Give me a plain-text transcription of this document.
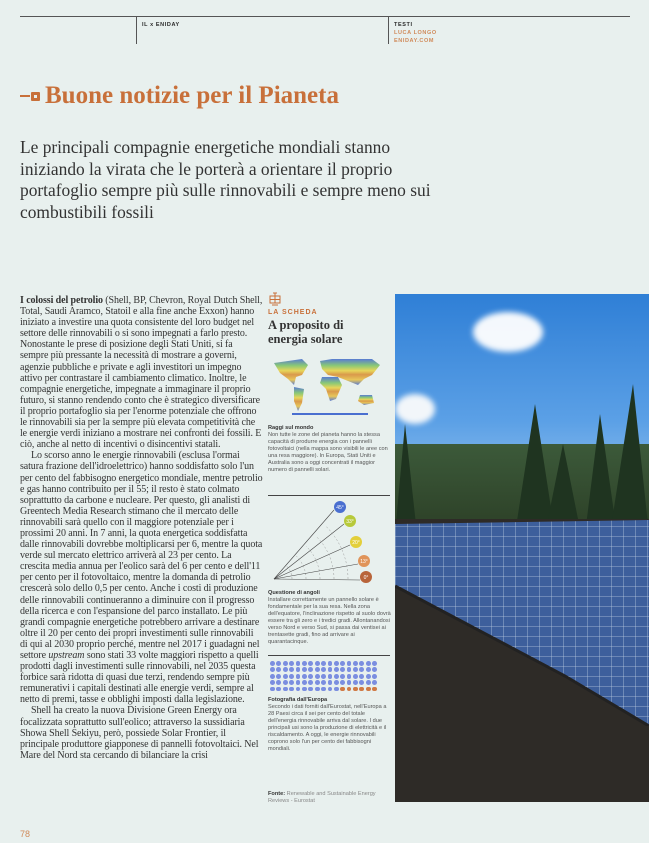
IL x ENIDAY	TESTI
LUCA LONGO
ENIDAY.COM
Buone notizie per il Pianeta
Le principali compagnie energetiche mondiali stanno iniziando la virata che le porterà a orientare il proprio portafoglio sempre più sulle rinnovabili e sempre meno sui combustibili fossili

I colossi del petrolio (Shell, BP, Chevron, Royal Dutch Shell, Total, Saudi Aramco, Statoil e alla fine anche Exxon) hanno iniziato a investire una quota consistente del loro budget nel settore delle rinnovabili o si sono impegnati a farlo presto. Nonostante le prese di posizione degli Stati Uniti, si fa sempre più pressante la necessità di mostrare a governi, agenzie pubbliche e private e agli investitori un impegno attivo per contrastare il cambiamento climatico. Inoltre, le compagnie energetiche, impegnate a immaginare il proprio futuro, si stanno rendendo conto che è strategico diversificare il proprio portafoglio sia per l'enorme potenziale che offrono le rinnovabili sia per la sempre più elevata competitività che le energie verdi iniziano a mostrare nei confronti dei fossili. E ciò, anche al netto di incentivi o disincentivi statali.

Lo scorso anno le energie rinnovabili (esclusa l'ormai satura frazione dell'idroelettrico) hanno soddisfatto solo l'un per cento del fabbisogno energetico mondiale, mentre petrolio e gas hanno contribuito per il 55; il resto è stato colmato soprattutto da carbone e nucleare. Per questo, gli analisti di Greentech Media Research stimano che il mercato delle rinnovabili sarà quello con il maggiore potenziale per i prossimi 20 anni. In 7 anni, la quota energetica soddisfatta dalle rinnovabili dovrebbe moltiplicarsi per 6, mentre la quota verde sul mercato elettrico arriverà al 23 per cento. La crescita media annua per l'eolico sarà del 6 per cento e dell'11 per cento per il fotovoltaico, mentre la domanda di petrolio crescerà solo dello 0,5 per cento. Anche i costi di produzione delle rinnovabili continueranno a diminuire con il progresso della ricerca e con l'espansione del parco installato. Le più grandi compagnie energetiche potrebbero arrivare a destinare oltre il 20 per cento dei propri investimenti sulle rinnovabili di qui al 2030 proprio perché, mentre nel 2017 i guadagni nel settore upstream sono stati 33 volte maggiori rispetto a quelli prodotti dagli investimenti sulle rinnovabili, nel 2035 questa forbice sarà ridotta di quasi due terzi, rendendo sempre più remunerativi i capitali destinati alle energie verdi, sempre al netto di premi, tasse e obblighi imposti dalla legislazione.

Shell ha creato la nuova Divisione Green Energy ora focalizzata soprattutto sull'eolico; attraverso la sussidiaria Showa Shell Sekiyu, però, possiede Solar Frontier, il principale produttore giapponese di pannelli fotovoltaici. Nel Mare del Nord sta cercando di bilanciare la crisi

LA SCHEDA
A proposito di energia solare
Raggi sul mondo
Non tutte le zone del pianeta hanno la stessa capacità di produrre energia con i pannelli fotovoltaici (nella mappa sono visibili le aree con una resa maggiore). In Europa, Stati Uniti e Australia sono a oggi concentrati il maggior numero di pannelli solari.
45°
33°
20°
13°
0°
Questione di angoli
Installare correttamente un pannello solare è fondamentale per la sua resa. Nella zona dell'equatore, l'inclinazione rispetto al suolo dovrà essere tra gli zero e i tredici gradi. Allontanandosi verso Nord e verso Sud, si passa dai ventisei ai trentasette gradi, fino ad arrivare ai quarantacinque.
Fotografia dall'Europa
Secondo i dati forniti dall'Eurostat, nell'Europa a 28 Paesi circa il sei per cento del totale dell'energia rinnovabile arriva dal solare. I due principali usi sono la produzione di elettricità e il riscaldamento. A oggi, le energie rinnovabili coprono solo l'un per cento dei fabbisogni mondiali.
Fonte: Renewable and Sustainable Energy Reviews - Eurostat
78
